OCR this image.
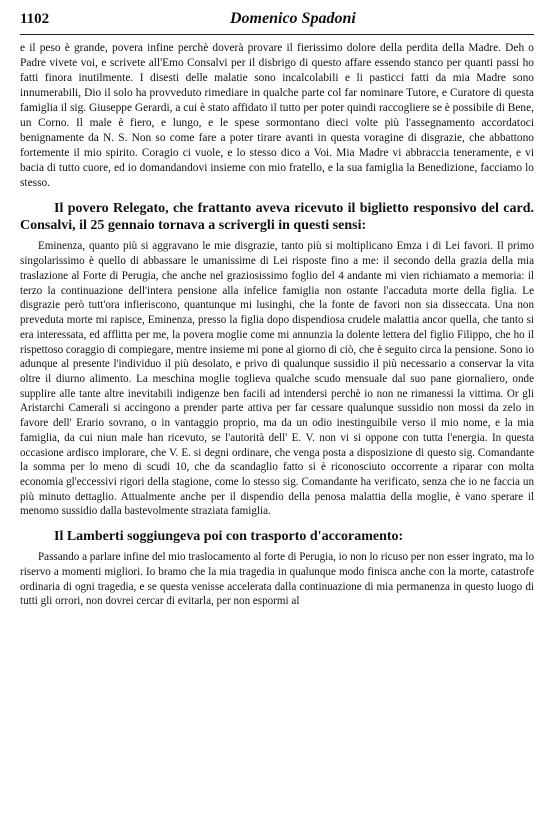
1102	Domenico Spadoni

e il peso è grande, povera infine perchè doverà provare il fierissimo dolore della perdita della Madre. Deh o Padre vivete voi, e scrivete all'Emo Consalvi per il disbrigo di questo affare essendo stanco per quanti passi ho fatti finora inutilmente. I disesti delle malatie sono incalcolabili e li pasticci fatti da mia Madre sono innumerabili, Dio il solo ha provveduto rimediare in qualche parte col far nominare Tutore, e Curatore di questa famiglia il sig. Giuseppe Gerardi, a cui è stato affidato il tutto per poter quindi raccogliere se è possibile di Bene, un Corno. Il male è fiero, e lungo, e le spese sormontano dieci volte più l'assegnamento accordatoci benignamente da N. S. Non so come fare a poter tirare avanti in questa voragine di disgrazie, che abbattono fortemente il mio spirito. Coragio ci vuole, e lo stesso dico a Voi. Mia Madre vi abbraccia teneramente, e vi bacia di tutto cuore, ed io domandandovi insieme con mio fratello, e la sua famiglia la Benedizione, facciamo lo stesso.

Il povero Relegato, che frattanto aveva ricevuto il biglietto responsivo del card. Consalvi, il 25 gennaio tornava a scrivergli in questi sensi:

Eminenza, quanto più si aggravano le mie disgrazie, tanto più si moltiplicano Emza i di Lei favori. Il primo singolarissimo è quello di abbassare le umanissime di Lei risposte fino a me: il secondo della grazia della mia traslazione al Forte di Perugia, che anche nel graziosissimo foglio del 4 andante mi vien richiamato a memoria: il terzo la continuazione dell'intera pensione alla infelice famiglia non ostante l'accaduta morte della figlia. Le disgrazie però tutt'ora infieriscono, quantunque mi lusinghi, che la fonte de favori non sia disseccata. Una non preveduta morte mi rapisce, Eminenza, presso la figlia dopo dispendiosa crudele malattia ancor quella, che tanto si era interessata, ed afflitta per me, la povera moglie come mi annunzia la dolente lettera del figlio Filippo, che ho il rispettoso coraggio di compiegare, mentre insieme mi pone al giorno di ciò, che è seguito circa la pensione. Sono io adunque al presente l'individuo il più desolato, e privo di qualunque sussidio il più necessario a conservar la vita oltre il diurno alimento. La meschina moglie toglieva qualche scudo mensuale dal suo pane giornaliero, onde supplire alle tante altre inevitabili indigenze ben facili ad intendersi perchè io non ne rimanessi la vittima. Or gli Aristarchi Camerali si accingono a prender parte attiva per far cessare qualunque sussidio non mossi da zelo in favore dell' Erario sovrano, o in vantaggio proprio, ma da un odio inestinguibile verso il mio nome, e la mia famiglia, da cui niun male han ricevuto, se l'autorità dell' E. V. non vi si oppone con tutta l'energia. In questa occasione ardisco implorare, che V. E. si degni ordinare, che venga posta a disposizione di questo sig. Comandante la somma per lo meno di scudi 10, che da scandaglio fatto si è riconosciuto occorrente a riparar con molta economia gl'eccessivi rigori della stagione, come lo stesso sig. Comandante ha verificato, senza che io ne faccia un più minuto dettaglio. Attualmente anche per il dispendio della penosa malattia della moglie, è vano sperare il menomo sussidio dalla bastevolmente straziata famiglia.

Il Lamberti soggiungeva poi con trasporto d'accoramento:

Passando a parlare infine del mio traslocamento al forte di Perugia, io non lo ricuso per non esser ingrato, ma lo riservo a momenti migliori. Io bramo che la mia tragedia in qualunque modo finisca anche con la morte, catastrofe ordinaria di ogni tragedia, e se questa venisse accelerata dalla continuazione di mia permanenza in questo luogo di tutti gli orrori, non dovrei cercar di evitarla, per non espormi al
